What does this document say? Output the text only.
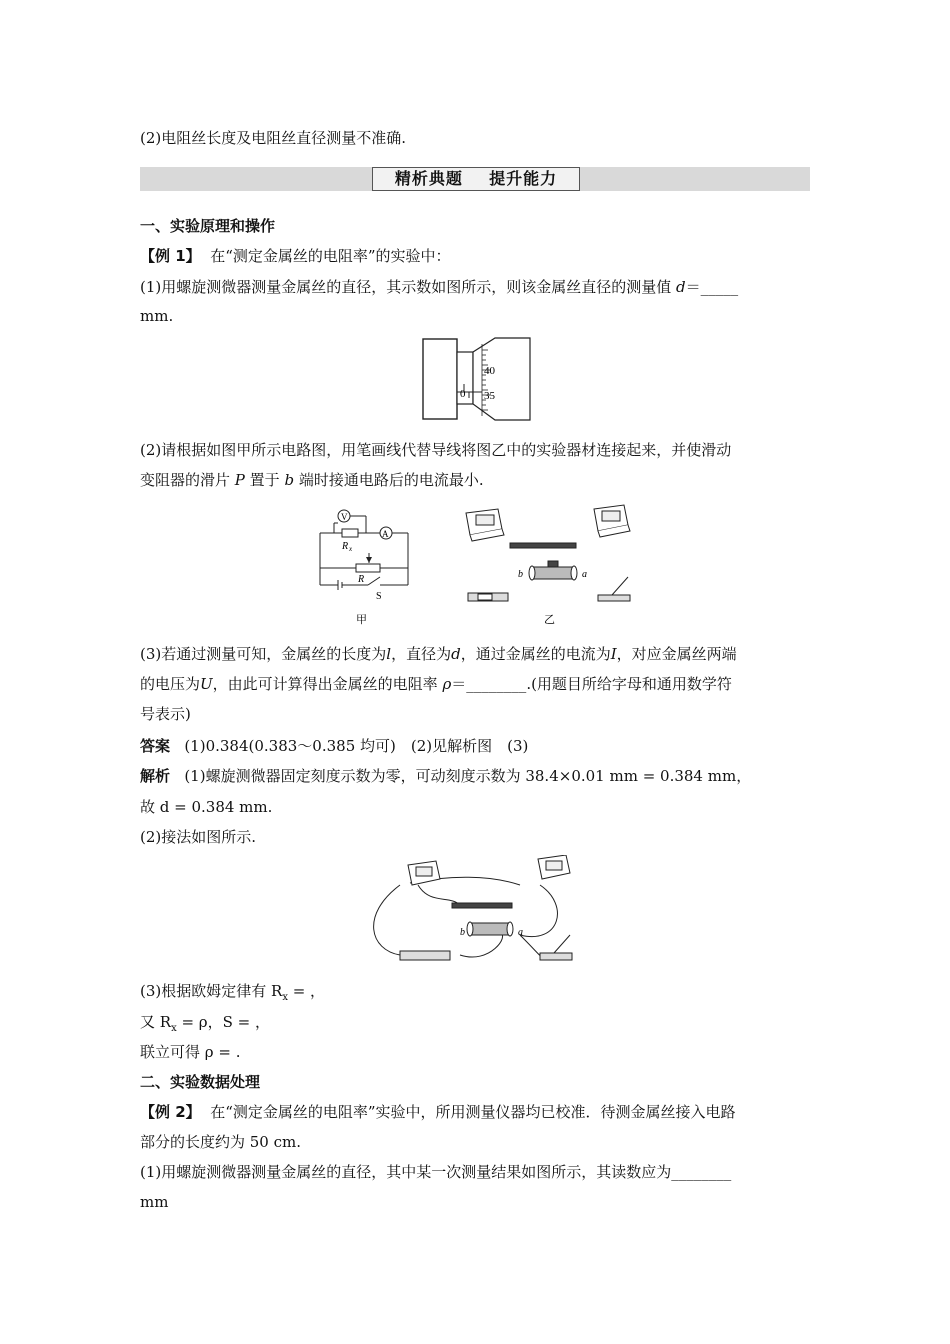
(2)电阻丝长度及电阻丝直径测量不准确.
精析典题 提升能力
一、实验原理和操作
【例 1】 在“测定金属丝的电阻率”的实验中：
(1)用螺旋测微器测量金属丝的直径，其示数如图所示，则该金属丝直径的测量值 d＝_____
mm.
40
35
0
(2)请根据如图甲所示电路图，用笔画线代替导线将图乙中的实验器材连接起来，并使滑动
变阻器的滑片 P 置于 b 端时接通电路后的电流最小.
V
A
R x
R
S
甲
b	a
乙
(3)若通过测量可知，金属丝的长度为l，直径为d，通过金属丝的电流为I，对应金属丝两端
的电压为U，由此可计算得出金属丝的电阻率 ρ＝________.(用题目所给字母和通用数学符
号表示)
答案 (1)0.384(0.383～0.385 均可)　(2)见解析图　(3)
解析 (1)螺旋测微器固定刻度示数为零，可动刻度示数为 38.4×0.01 mm = 0.384 mm，
故 d = 0.384 mm.
(2)接法如图所示.
b	a
(3)根据欧姆定律有 $R_x$ = ，
又 $R_x = \rho$，S = ，
联立可得 ρ = .
二、实验数据处理
【例 2】 在“测定金属丝的电阻率”实验中，所用测量仪器均已校准．待测金属丝接入电路
部分的长度约为 50 cm.
(1)用螺旋测微器测量金属丝的直径，其中某一次测量结果如图所示，其读数应为________
mm
